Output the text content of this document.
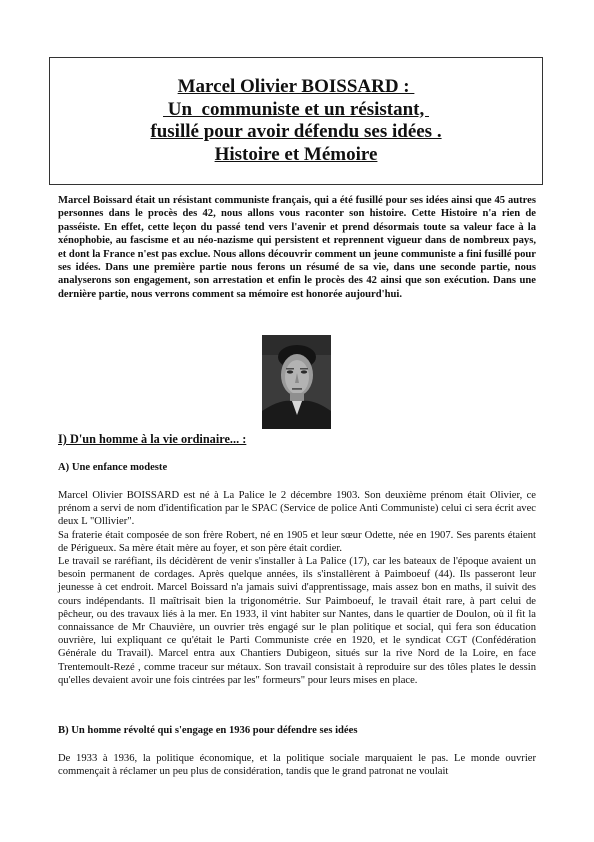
Marcel Olivier BOISSARD :
Un  communiste et un résistant,
fusillé pour avoir défendu ses idées .
Histoire et Mémoire
Marcel Boissard était un résistant communiste français, qui a été fusillé pour ses idées ainsi que 45 autres personnes dans le procès des 42, nous allons vous raconter son histoire. Cette Histoire n'a rien de passéiste. En effet, cette leçon du passé tend vers l'avenir et prend désormais toute sa valeur face à la xénophobie, au fascisme et au néo-nazisme qui persistent et reprennent vigueur dans de nombreux pays, et dont la France n'est pas exclue. Nous allons découvrir comment un jeune communiste a fini fusillé pour ses idées. Dans une première partie nous ferons un résumé de sa vie, dans une seconde partie, nous analyserons son engagement, son arrestation et enfin le procès des 42 ainsi que son exécution. Dans une dernière partie, nous verrons comment sa mémoire est honorée aujourd'hui.
I) D'un homme à la vie ordinaire... :
A) Une enfance modeste

Marcel Olivier BOISSARD est né à La Palice le 2 décembre 1903. Son deuxième prénom était Olivier, ce prénom a servi de nom d'identification par le SPAC (Service de police Anti Communiste) celui ci sera écrit avec deux L "Ollivier".

Sa fraterie était composée de son frère Robert, né en 1905 et leur sœur Odette, née en 1907. Ses parents étaient de Périgueux. Sa mère était mère au foyer, et son père était cordier.

Le travail se raréfiant, ils décidèrent de venir s'installer à La Palice (17), car les bateaux de l'époque avaient un besoin permanent de cordages. Après quelque années, ils s'installèrent à Paimboeuf (44). Ils passeront leur jeunesse à cet endroit. Marcel Boissard n'a jamais suivi d'apprentissage, mais assez bon en maths, il suivit des cours indépendants. Il maîtrisait bien la trigonométrie. Sur Paimboeuf, le travail était rare, à part celui de pêcheur, ou des travaux liés à la mer. En 1933, il vint habiter sur Nantes, dans le quartier de Doulon, où il fit la connaissance de Mr Chauvière, un ouvrier très engagé sur le plan politique et social, qui fera son éducation ouvrière, lui expliquant ce qu'était le Parti Communiste crée en 1920, et le syndicat CGT (Confédération Générale du Travail). Marcel entra aux Chantiers Dubigeon, situés sur la rive Nord de la Loire, en face Trentemoult-Rezé , comme traceur sur métaux. Son travail consistait à reproduire sur des tôles plates le dessin qu'elles devaient avoir une fois cintrées par les" formeurs" pour leurs mises en place.

B) Un homme révolté qui s'engage en 1936 pour défendre ses idées
De 1933 à 1936, la politique économique, et la politique sociale marquaient le pas. Le monde ouvrier commençait à réclamer un peu plus de considération, tandis que le grand patronat ne voulait
